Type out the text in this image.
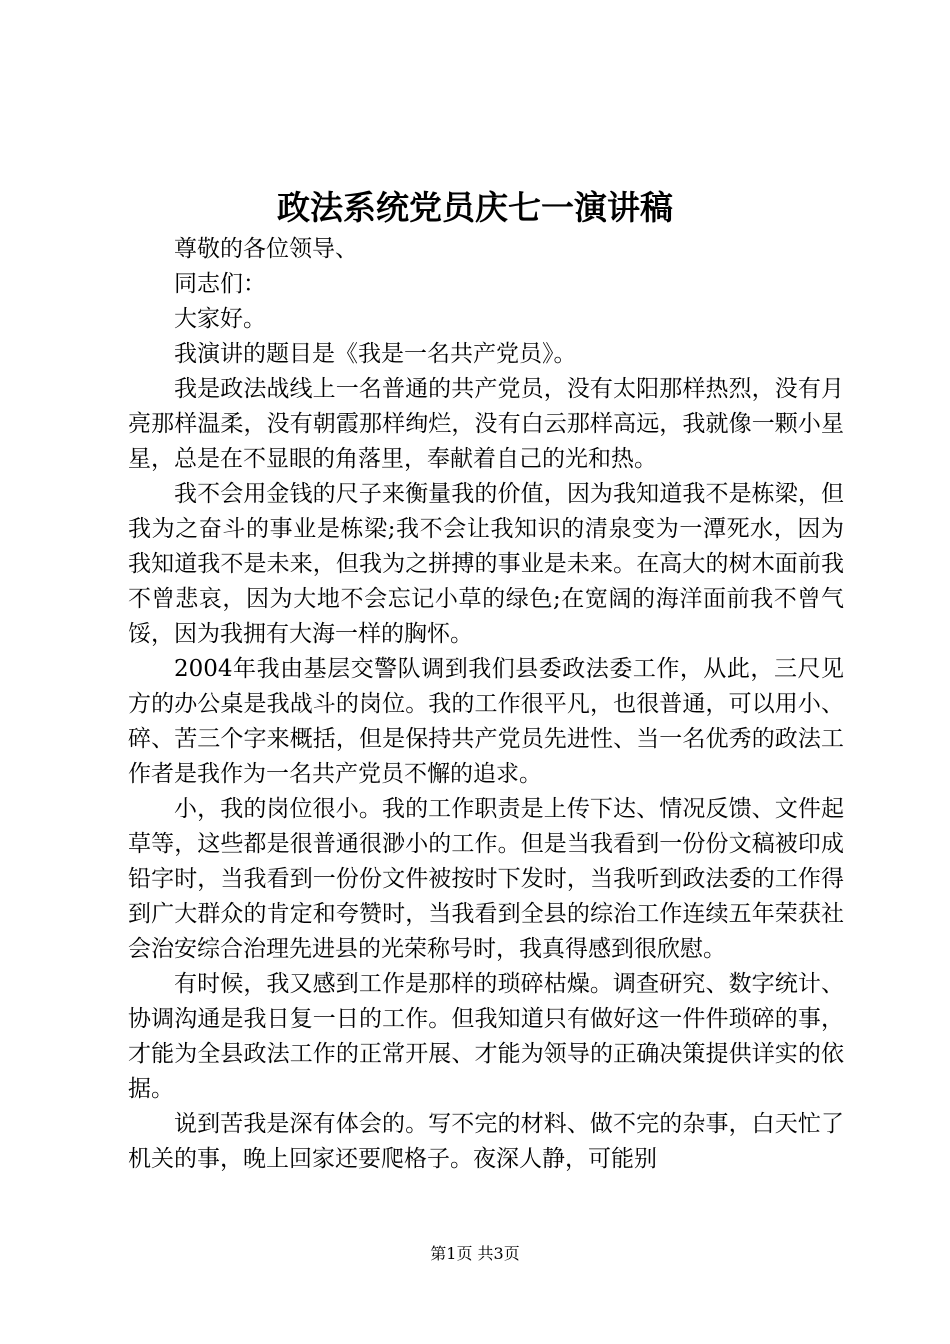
政法系统党员庆七一演讲稿

尊敬的各位领导、

同志们：

大家好。

我演讲的题目是《我是一名共产党员》。

我是政法战线上一名普通的共产党员，没有太阳那样热烈，没有月亮那样温柔，没有朝霞那样绚烂，没有白云那样高远，我就像一颗小星星，总是在不显眼的角落里，奉献着自己的光和热。

我不会用金钱的尺子来衡量我的价值，因为我知道我不是栋梁，但我为之奋斗的事业是栋梁;我不会让我知识的清泉变为一潭死水，因为我知道我不是未来，但我为之拼搏的事业是未来。在高大的树木面前我不曾悲哀，因为大地不会忘记小草的绿色;在宽阔的海洋面前我不曾气馁，因为我拥有大海一样的胸怀。

2004年我由基层交警队调到我们县委政法委工作，从此，三尺见方的办公桌是我战斗的岗位。我的工作很平凡，也很普通，可以用小、碎、苦三个字来概括，但是保持共产党员先进性、当一名优秀的政法工作者是我作为一名共产党员不懈的追求。

小，我的岗位很小。我的工作职责是上传下达、情况反馈、文件起草等，这些都是很普通很渺小的工作。但是当我看到一份份文稿被印成铅字时，当我看到一份份文件被按时下发时，当我听到政法委的工作得到广大群众的肯定和夸赞时，当我看到全县的综治工作连续五年荣获社会治安综合治理先进县的光荣称号时，我真得感到很欣慰。

有时候，我又感到工作是那样的琐碎枯燥。调查研究、数字统计、协调沟通是我日复一日的工作。但我知道只有做好这一件件琐碎的事，才能为全县政法工作的正常开展、才能为领导的正确决策提供详实的依据。

说到苦我是深有体会的。写不完的材料、做不完的杂事，白天忙了机关的事，晚上回家还要爬格子。夜深人静，可能别

第1页 共3页
